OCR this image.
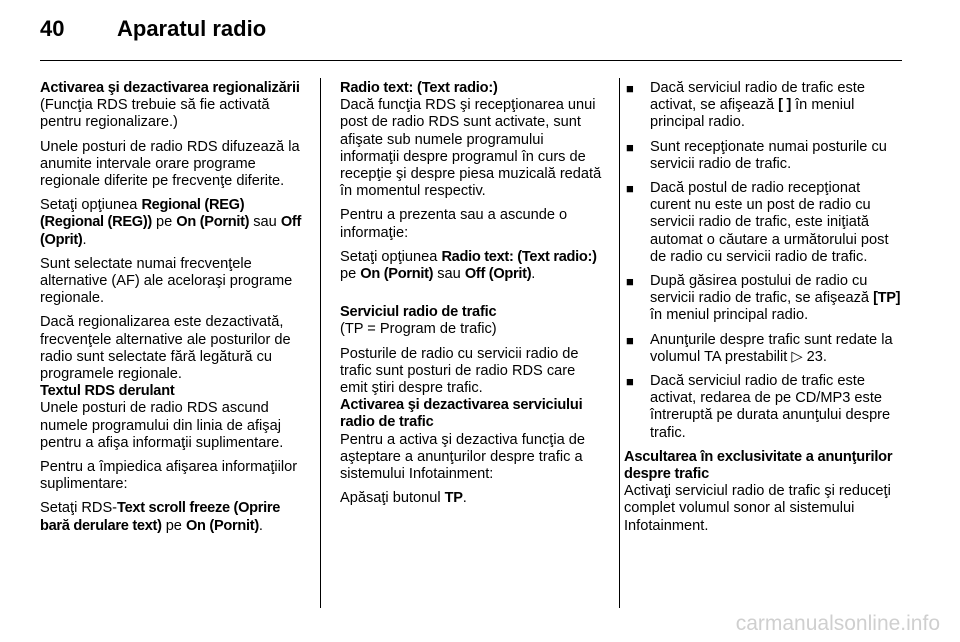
40 Aparatul radio
Activarea şi dezactivarea regionalizării

(Funcţia RDS trebuie să fie activată pentru regionalizare.)

Unele posturi de radio RDS difuzează la anumite intervale orare programe regionale diferite pe frecvenţe diferite.

Setaţi opţiunea Regional (REG) (Regional (REG)) pe On (Pornit) sau Off (Oprit).

Sunt selectate numai frecvenţele alternative (AF) ale aceloraşi programe regionale.

Dacă regionalizarea este dezactivată, frecvenţele alternative ale posturilor de radio sunt selectate fără legătură cu programele regionale.

Textul RDS derulant

Unele posturi de radio RDS ascund numele programului din linia de afişaj pentru a afişa informaţii suplimentare.

Pentru a împiedica afişarea informaţiilor suplimentare:

Setaţi RDS-Text scroll freeze (Oprire bară derulare text) pe On (Pornit).

Radio text: (Text radio:)

Dacă funcţia RDS şi recepţionarea unui post de radio RDS sunt activate, sunt afişate sub numele programului informaţii despre programul în curs de recepţie şi despre piesa muzicală redată în momentul respectiv.

Pentru a prezenta sau a ascunde o informaţie:

Setaţi opţiunea Radio text: (Text radio:) pe On (Pornit) sau Off (Oprit).

Serviciul radio de trafic

(TP = Program de trafic)

Posturile de radio cu servicii radio de trafic sunt posturi de radio RDS care emit ştiri despre trafic.

Activarea şi dezactivarea serviciului radio de trafic

Pentru a activa şi dezactiva funcţia de aşteptare a anunţurilor despre trafic a sistemului Infotainment:

Apăsaţi butonul TP.

■ Dacă serviciul radio de trafic este activat, se afişează [ ] în meniul principal radio.
■ Sunt recepţionate numai posturile cu servicii radio de trafic.
■ Dacă postul de radio recepţionat curent nu este un post de radio cu servicii radio de trafic, este iniţiată automat o căutare a următorului post de radio cu servicii radio de trafic.
■ După găsirea postului de radio cu servicii radio de trafic, se afişează [TP] în meniul principal radio.
■ Anunţurile despre trafic sunt redate la volumul TA prestabilit ▷ 23.
■ Dacă serviciul radio de trafic este activat, redarea de pe CD/MP3 este întreruptă pe durata anunţului despre trafic.
Ascultarea în exclusivitate a anunţurilor despre trafic

Activaţi serviciul radio de trafic şi reduceţi complet volumul sonor al sistemului Infotainment.

carmanualsonline.info
